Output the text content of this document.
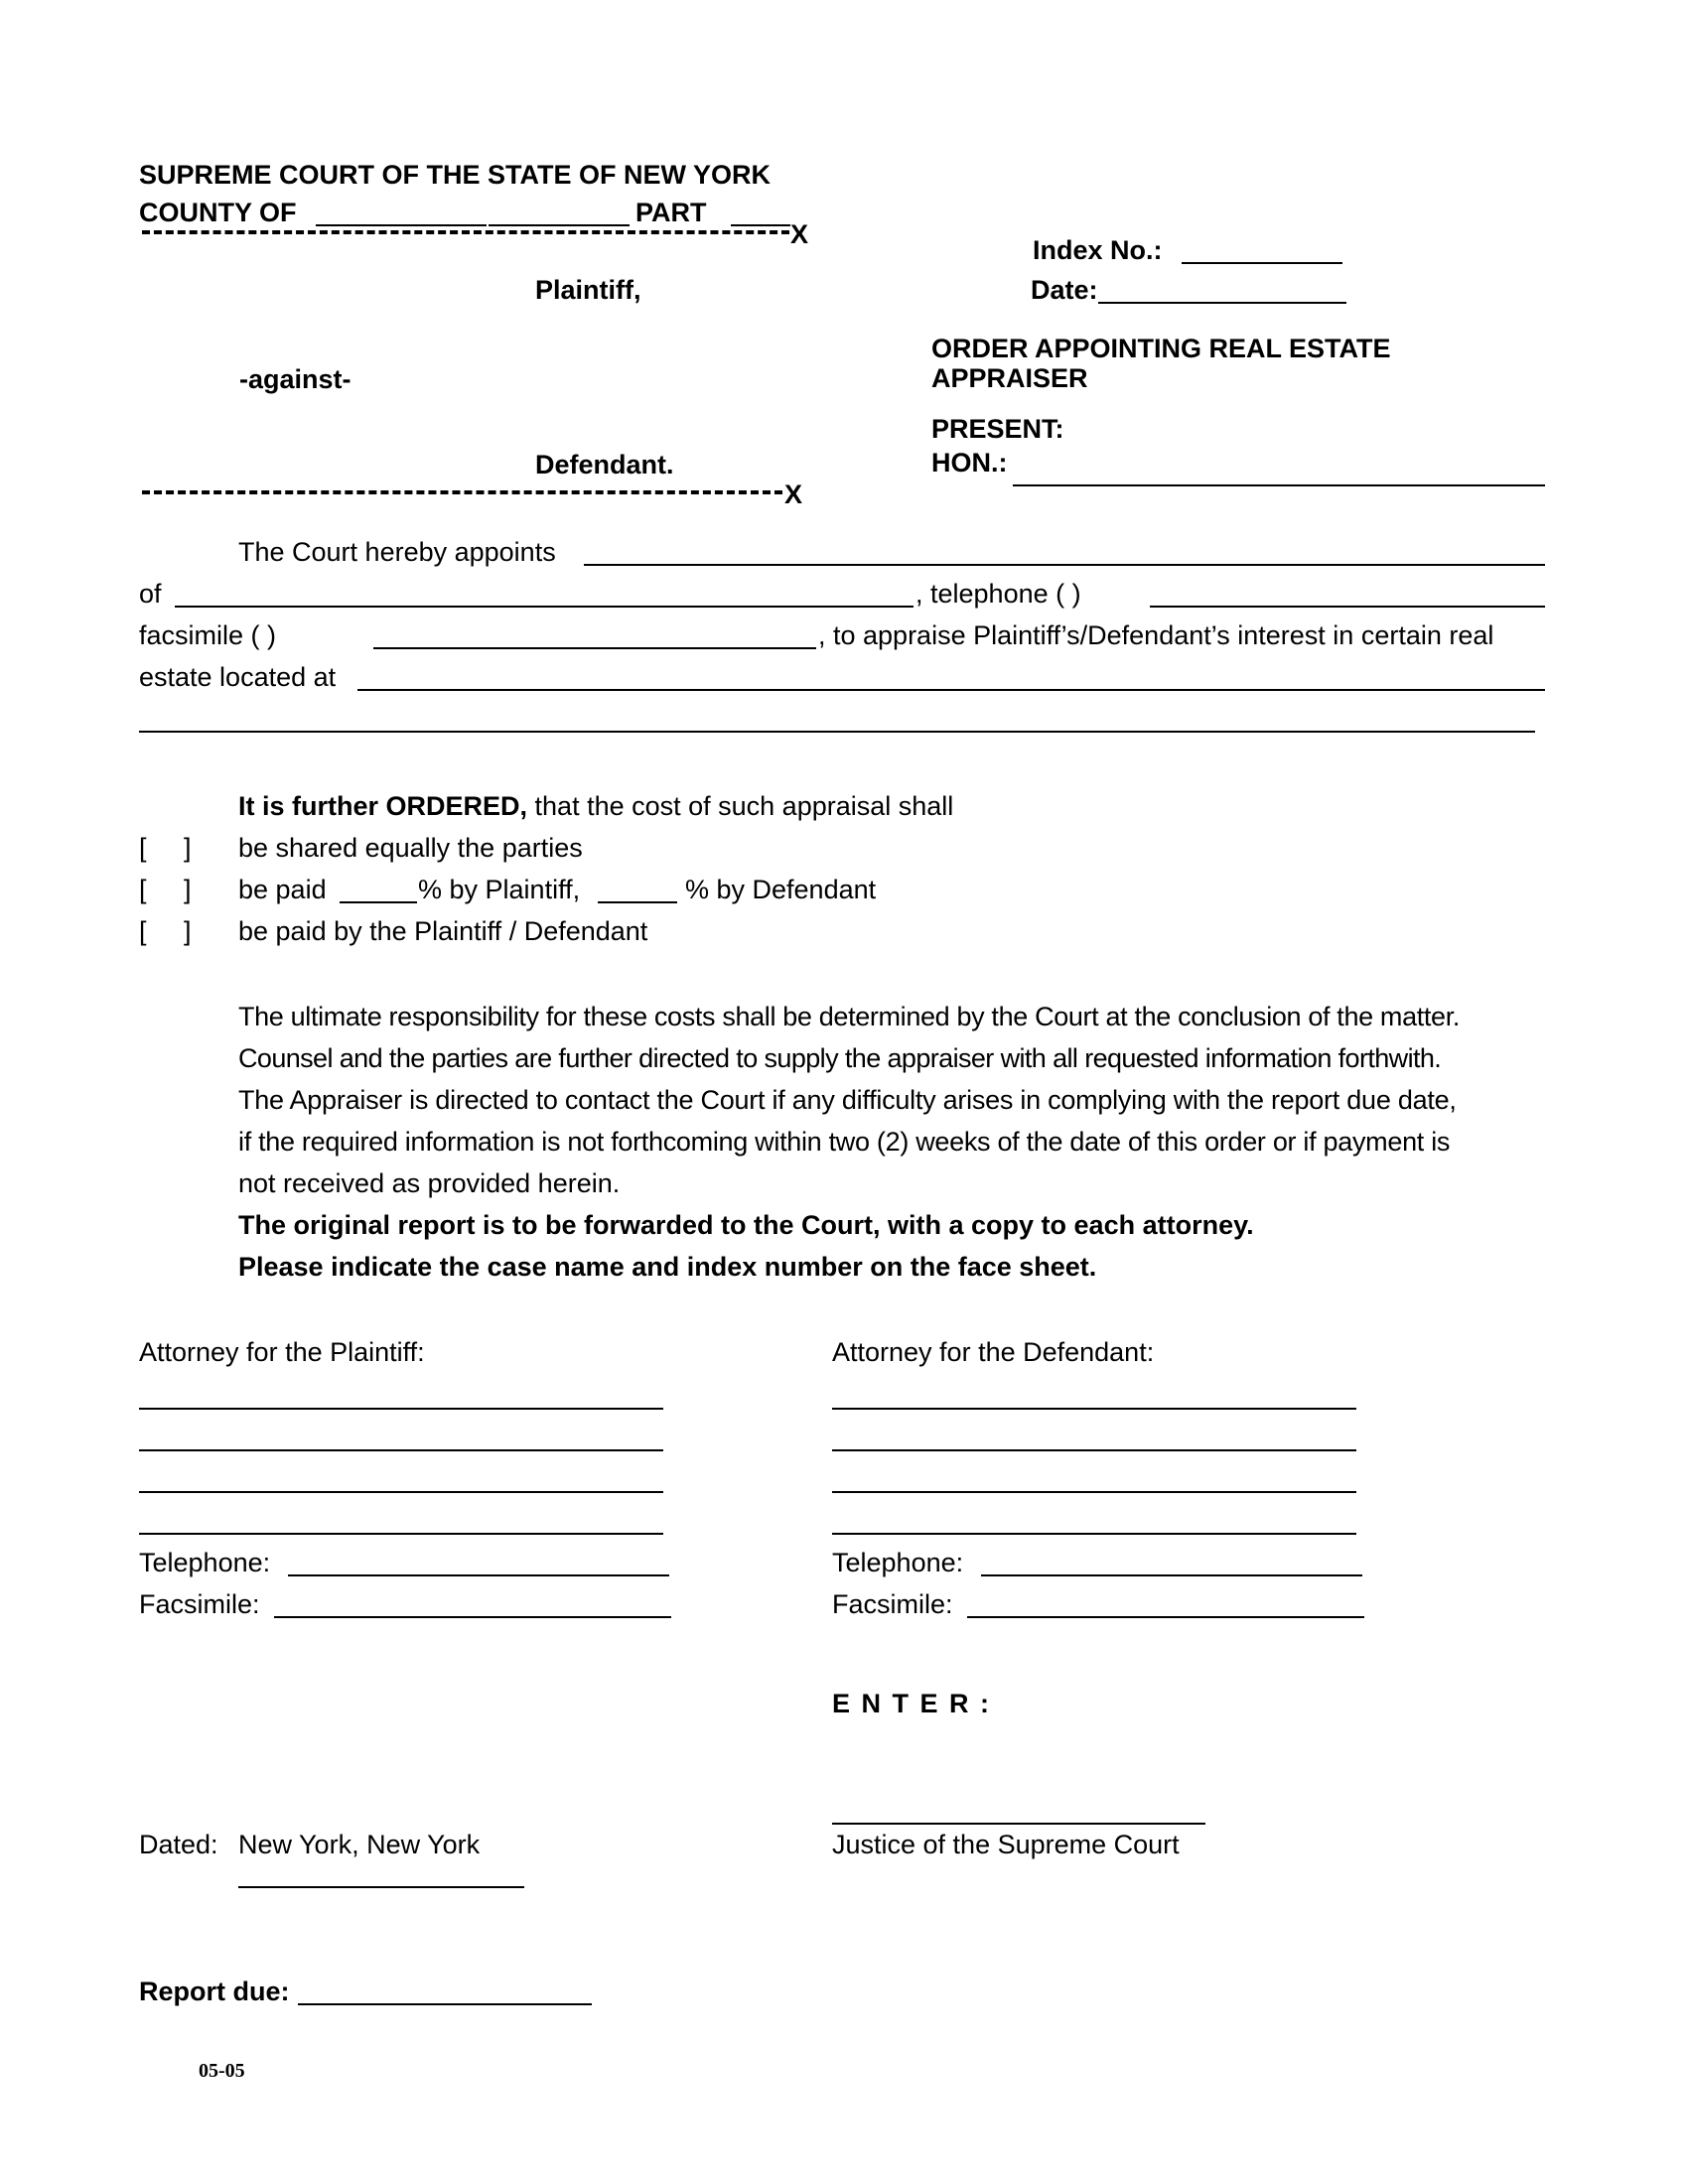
SUPREME COURT OF THE STATE OF NEW YORK
COUNTY OF	PART
X
Index No.:
Date:
Plaintiff,
-against-
ORDER APPOINTING REAL ESTATE
APPRAISER
PRESENT:
HON.:
Defendant.
X
The Court hereby appoints
of	, telephone ( )
facsimile ( )	, to appraise Plaintiff’s/Defendant’s interest in certain real
estate located at
It is further ORDERED, that the cost of such appraisal shall
[     ] be shared equally the parties
[     ] be paid	% by Plaintiff,	% by Defendant
[     ] be paid by the Plaintiff / Defendant
The ultimate responsibility for these costs shall be determined by the Court at the conclusion of the matter.
Counsel and the parties are further directed to supply the appraiser with all requested information forthwith.
The Appraiser is directed to contact the Court if any difficulty arises in complying with the report due date,
if the required information is not forthcoming within two (2) weeks of the date of this order or if payment is
not received as provided herein.
The original report is to be forwarded to the Court, with a copy to each attorney.
Please indicate the case name and index number on the face sheet.
Attorney for the Plaintiff:
Telephone:
Facsimile:
Attorney for the Defendant:
Telephone:
Facsimile:
E N T E R :
Justice of the Supreme Court
Dated: New York, New York
Report due:
05-05
